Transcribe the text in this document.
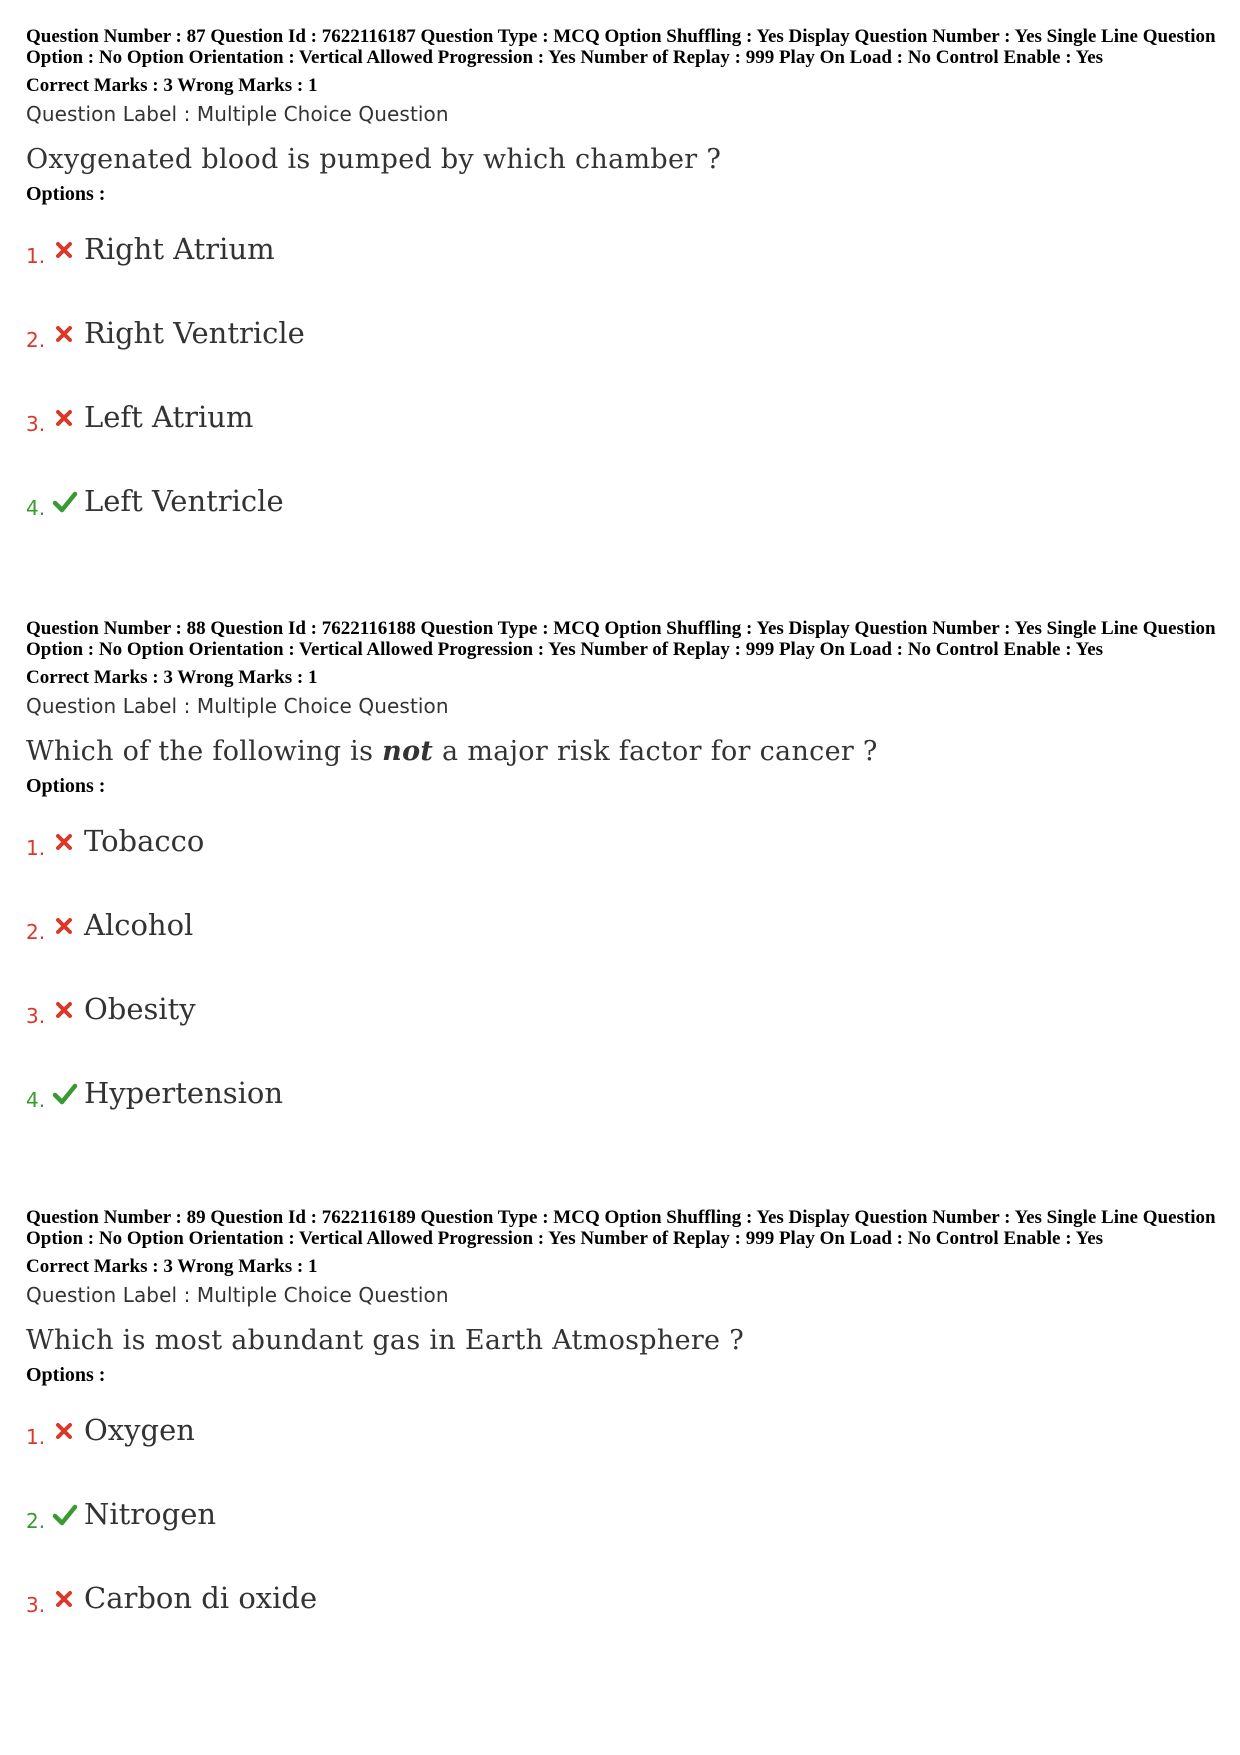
Question Number : 87 Question Id : 7622116187 Question Type : MCQ Option Shuffling : Yes Display Question Number : Yes Single Line Question Option : No Option Orientation : Vertical Allowed Progression : Yes Number of Replay : 999 Play On Load : No Control Enable : Yes
Correct Marks : 3 Wrong Marks : 1
Question Label : Multiple Choice Question
Oxygenated blood is pumped by which chamber ?
Options :
1. Right Atrium
2. Right Ventricle
3. Left Atrium
4. Left Ventricle
Question Number : 88 Question Id : 7622116188 Question Type : MCQ Option Shuffling : Yes Display Question Number : Yes Single Line Question Option : No Option Orientation : Vertical Allowed Progression : Yes Number of Replay : 999 Play On Load : No Control Enable : Yes
Correct Marks : 3 Wrong Marks : 1
Question Label : Multiple Choice Question
Which of the following is not a major risk factor for cancer ?
Options :
1. Tobacco
2. Alcohol
3. Obesity
4. Hypertension
Question Number : 89 Question Id : 7622116189 Question Type : MCQ Option Shuffling : Yes Display Question Number : Yes Single Line Question Option : No Option Orientation : Vertical Allowed Progression : Yes Number of Replay : 999 Play On Load : No Control Enable : Yes
Correct Marks : 3 Wrong Marks : 1
Question Label : Multiple Choice Question
Which is most abundant gas in Earth Atmosphere ?
Options :
1. Oxygen
2. Nitrogen
3. Carbon di oxide
